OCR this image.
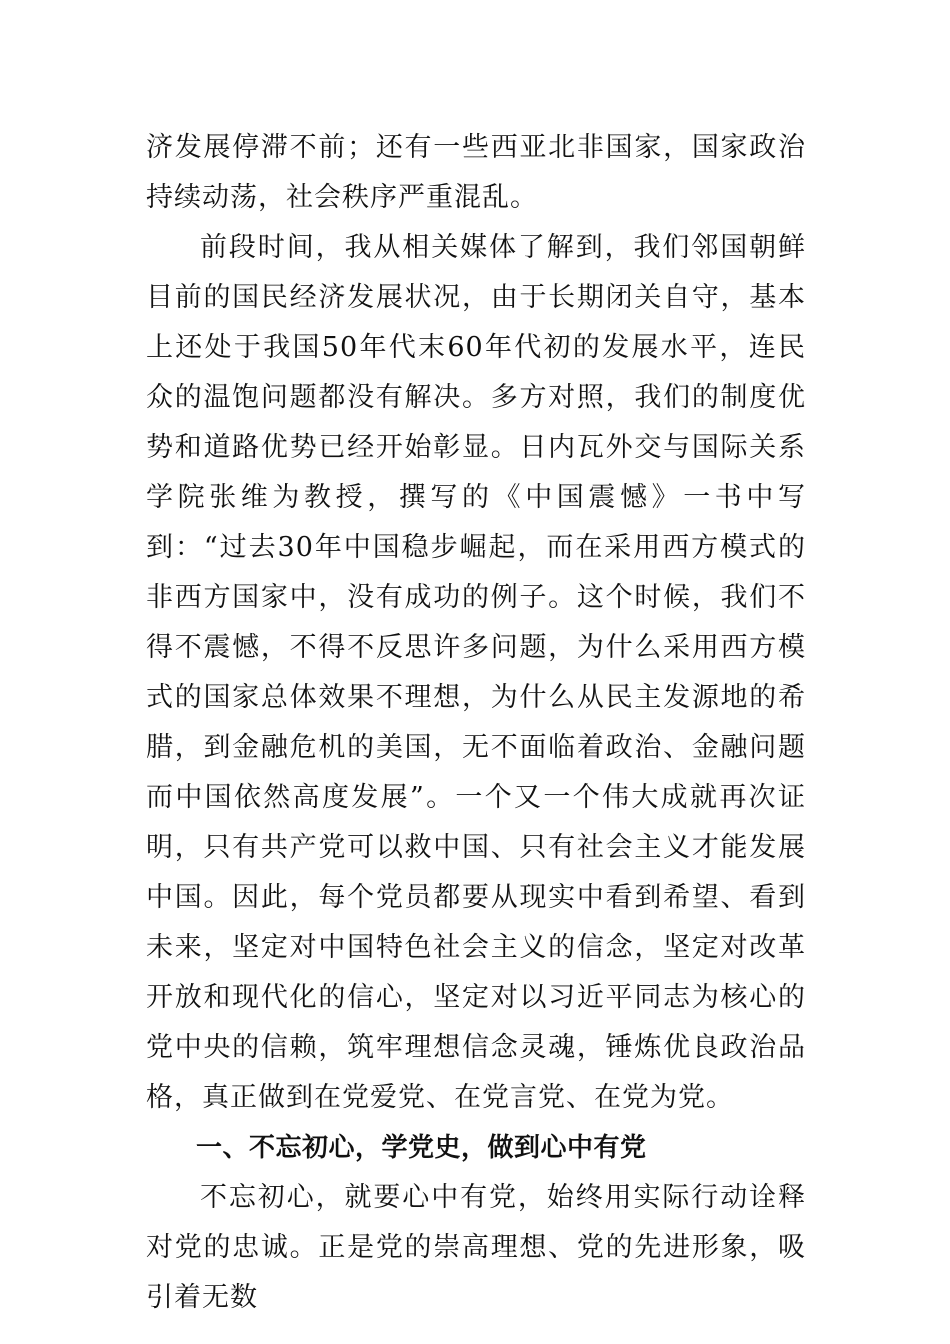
济发展停滞不前；还有一些西亚北非国家，国家政治持续动荡，社会秩序严重混乱。

前段时间，我从相关媒体了解到，我们邻国朝鲜目前的国民经济发展状况，由于长期闭关自守，基本上还处于我国50年代末60年代初的发展水平，连民众的温饱问题都没有解决。多方对照，我们的制度优势和道路优势已经开始彰显。日内瓦外交与国际关系学院张维为教授，撰写的《中国震憾》一书中写到：“过去30年中国稳步崛起，而在采用西方模式的非西方国家中，没有成功的例子。这个时候，我们不得不震憾，不得不反思许多问题，为什么采用西方模式的国家总体效果不理想，为什么从民主发源地的希腊，到金融危机的美国，无不面临着政治、金融问题而中国依然高度发展”。一个又一个伟大成就再次证明，只有共产党可以救中国、只有社会主义才能发展中国。因此，每个党员都要从现实中看到希望、看到未来，坚定对中国特色社会主义的信念，坚定对改革开放和现代化的信心，坚定对以习近平同志为核心的党中央的信赖，筑牢理想信念灵魂，锤炼优良政治品格，真正做到在党爱党、在党言党、在党为党。

一、不忘初心，学党史，做到心中有党

不忘初心，就要心中有党，始终用实际行动诠释对党的忠诚。正是党的崇高理想、党的先进形象，吸引着无数
